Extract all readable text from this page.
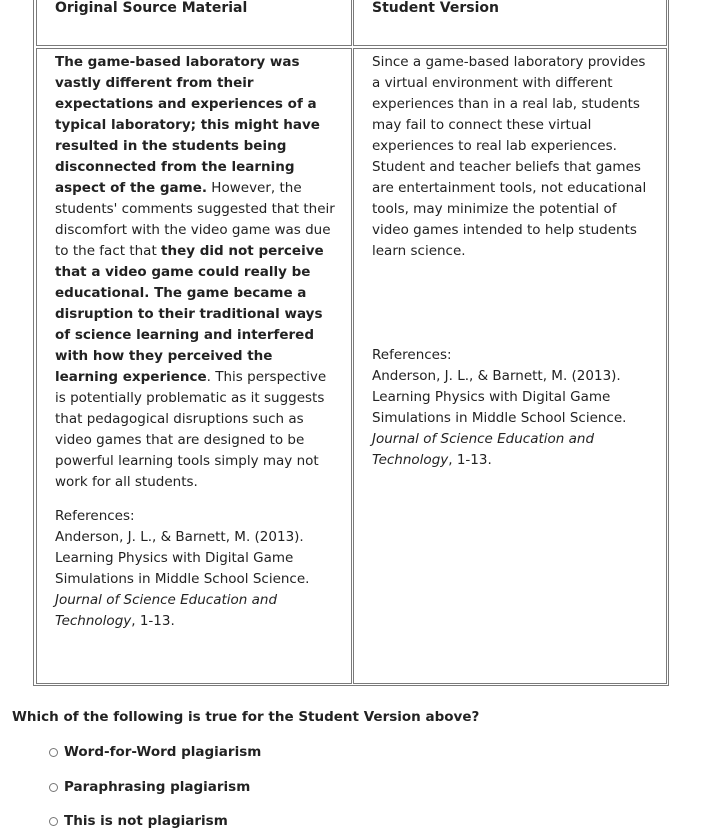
Original Source Material	Student Version

The game-based laboratory was vastly different from their expectations and experiences of a typical laboratory; this might have resulted in the students being disconnected from the learning aspect of the game. However, the students' comments suggested that their discomfort with the video game was due to the fact that they did not perceive that a video game could really be educational. The game became a disruption to their traditional ways of science learning and interfered with how they perceived the learning experience. This perspective is potentially problematic as it suggests that pedagogical disruptions such as video games that are designed to be powerful learning tools simply may not work for all students.

References:
Anderson, J. L., & Barnett, M. (2013). Learning Physics with Digital Game Simulations in Middle School Science. Journal of Science Education and Technology, 1-13.

Since a game-based laboratory provides a virtual environment with different experiences than in a real lab, students may fail to connect these virtual experiences to real lab experiences. Student and teacher beliefs that games are entertainment tools, not educational tools, may minimize the potential of video games intended to help students learn science.

References:
Anderson, J. L., & Barnett, M. (2013). Learning Physics with Digital Game Simulations in Middle School Science. Journal of Science Education and Technology, 1-13.
Which of the following is true for the Student Version above?
Word-for-Word plagiarism
Paraphrasing plagiarism
This is not plagiarism
